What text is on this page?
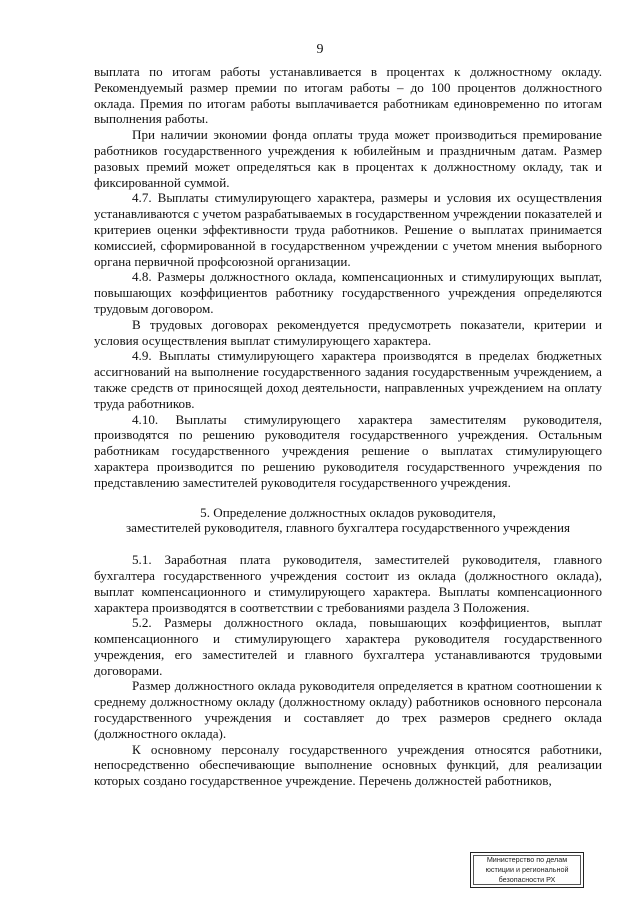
9

выплата по итогам работы устанавливается в процентах к должностному окладу. Рекомендуемый размер премии по итогам работы – до 100 процентов должностного оклада. Премия по итогам работы выплачивается работникам единовременно по итогам выполнения работы.

При наличии экономии фонда оплаты труда может производиться премирование работников государственного учреждения к юбилейным и праздничным датам. Размер разовых премий может определяться как в процентах к должностному окладу, так и фиксированной суммой.

4.7. Выплаты стимулирующего характера, размеры и условия их осуществления устанавливаются с учетом разрабатываемых в государственном учреждении показателей и критериев оценки эффективности труда работников. Решение о выплатах принимается комиссией, сформированной в государственном учреждении с учетом мнения выборного органа первичной профсоюзной организации.

4.8. Размеры должностного оклада, компенсационных и стимулирующих выплат, повышающих коэффициентов работнику государственного учреждения определяются трудовым договором.

В трудовых договорах рекомендуется предусмотреть показатели, критерии и условия осуществления выплат стимулирующего характера.

4.9. Выплаты стимулирующего характера производятся в пределах бюджетных ассигнований на выполнение государственного задания государственным учреждением, а также средств от приносящей доход деятельности, направленных учреждением на оплату труда работников.

4.10. Выплаты стимулирующего характера заместителям руководителя, производятся по решению руководителя государственного учреждения. Остальным работникам государственного учреждения решение о выплатах стимулирующего характера производится по решению руководителя государственного учреждения по представлению заместителей руководителя государственного учреждения.

5. Определение должностных окладов руководителя,
заместителей руководителя, главного бухгалтера государственного учреждения

5.1. Заработная плата руководителя, заместителей руководителя, главного бухгалтера государственного учреждения состоит из оклада (должностного оклада), выплат компенсационного и стимулирующего характера. Выплаты компенсационного характера производятся в соответствии с требованиями раздела 3 Положения.

5.2. Размеры должностного оклада, повышающих коэффициентов, выплат компенсационного и стимулирующего характера руководителя государственного учреждения, его заместителей и главного бухгалтера устанавливаются трудовыми договорами.

Размер должностного оклада руководителя определяется в кратном соотношении к среднему должностному окладу (должностному окладу) работников основного персонала государственного учреждения и составляет до трех размеров среднего оклада (должностного оклада).

К основному персоналу государственного учреждения относятся работники, непосредственно обеспечивающие выполнение основных функций, для реализации которых создано государственное учреждение. Перечень должностей работников,

Министерство по делам
юстиции и региональной
безопасности РХ
